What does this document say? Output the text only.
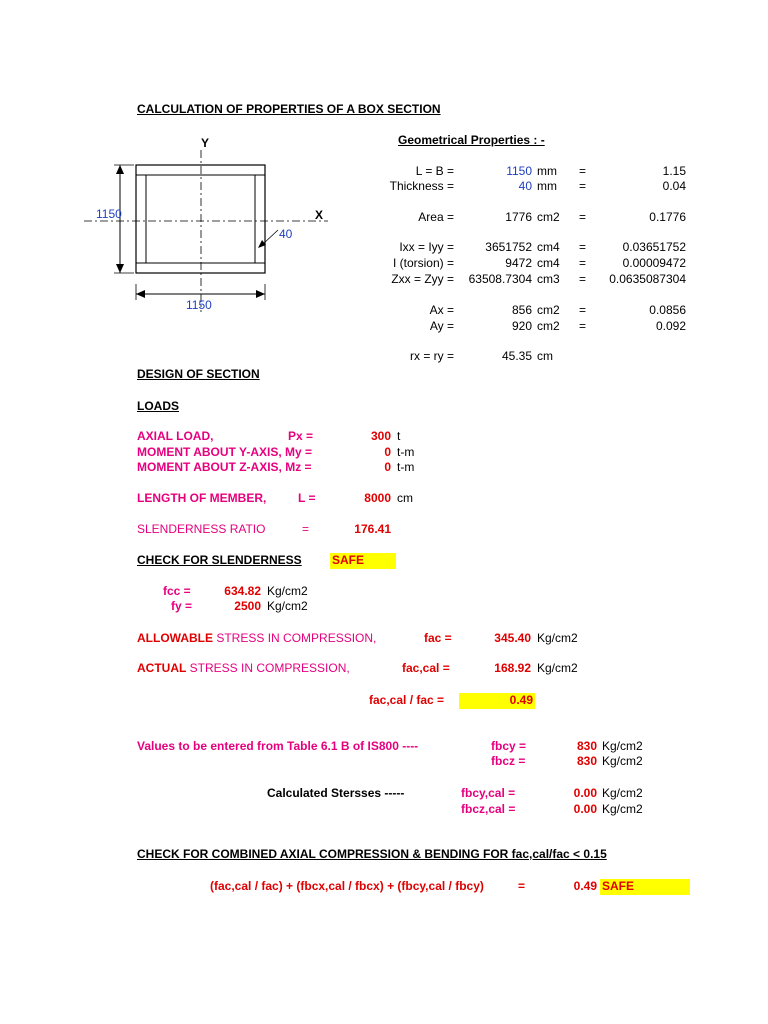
CALCULATION OF PROPERTIES OF A BOX SECTION
Y
X
1150
1150
40
Geometrical Properties : -
L = B =	1150 mm =	1.15
Thickness =	40 mm =	0.04
Area =	1776 cm2 =	0.1776
Ixx = Iyy =	3651752 cm4 =	0.03651752
I (torsion) =	9472 cm4 =	0.00009472
Zxx = Zyy =	63508.7304 cm3 =	0.0635087304
Ax =	856 cm2 =	0.0856
Ay =	920 cm2 =	0.092
rx = ry =	45.35 cm
DESIGN OF SECTION
LOADS
AXIAL LOAD,	Px =	300 t
MOMENT ABOUT Y-AXIS, My =	0 t-m
MOMENT ABOUT Z-AXIS, Mz =	0 t-m
LENGTH OF MEMBER,	L =	8000 cm
SLENDERNESS RATIO	=	176.41
CHECK FOR SLENDERNESS	SAFE
fcc =	634.82 Kg/cm2
fy =	2500 Kg/cm2
ALLOWABLE STRESS IN COMPRESSION,	fac =	345.40 Kg/cm2
ACTUAL STRESS IN COMPRESSION,	fac,cal =	168.92 Kg/cm2
fac,cal / fac =	0.49
Values to be entered from Table 6.1 B of IS800 ----	fbcy =	830 Kg/cm2
fbcz =	830 Kg/cm2
Calculated Stersses -----	fbcy,cal =	0.00 Kg/cm2
fbcz,cal =	0.00 Kg/cm2
CHECK FOR COMBINED AXIAL COMPRESSION & BENDING FOR fac,cal/fac < 0.15
(fac,cal / fac) + (fbcx,cal / fbcx) + (fbcy,cal / fbcy)	=	0.49 SAFE
